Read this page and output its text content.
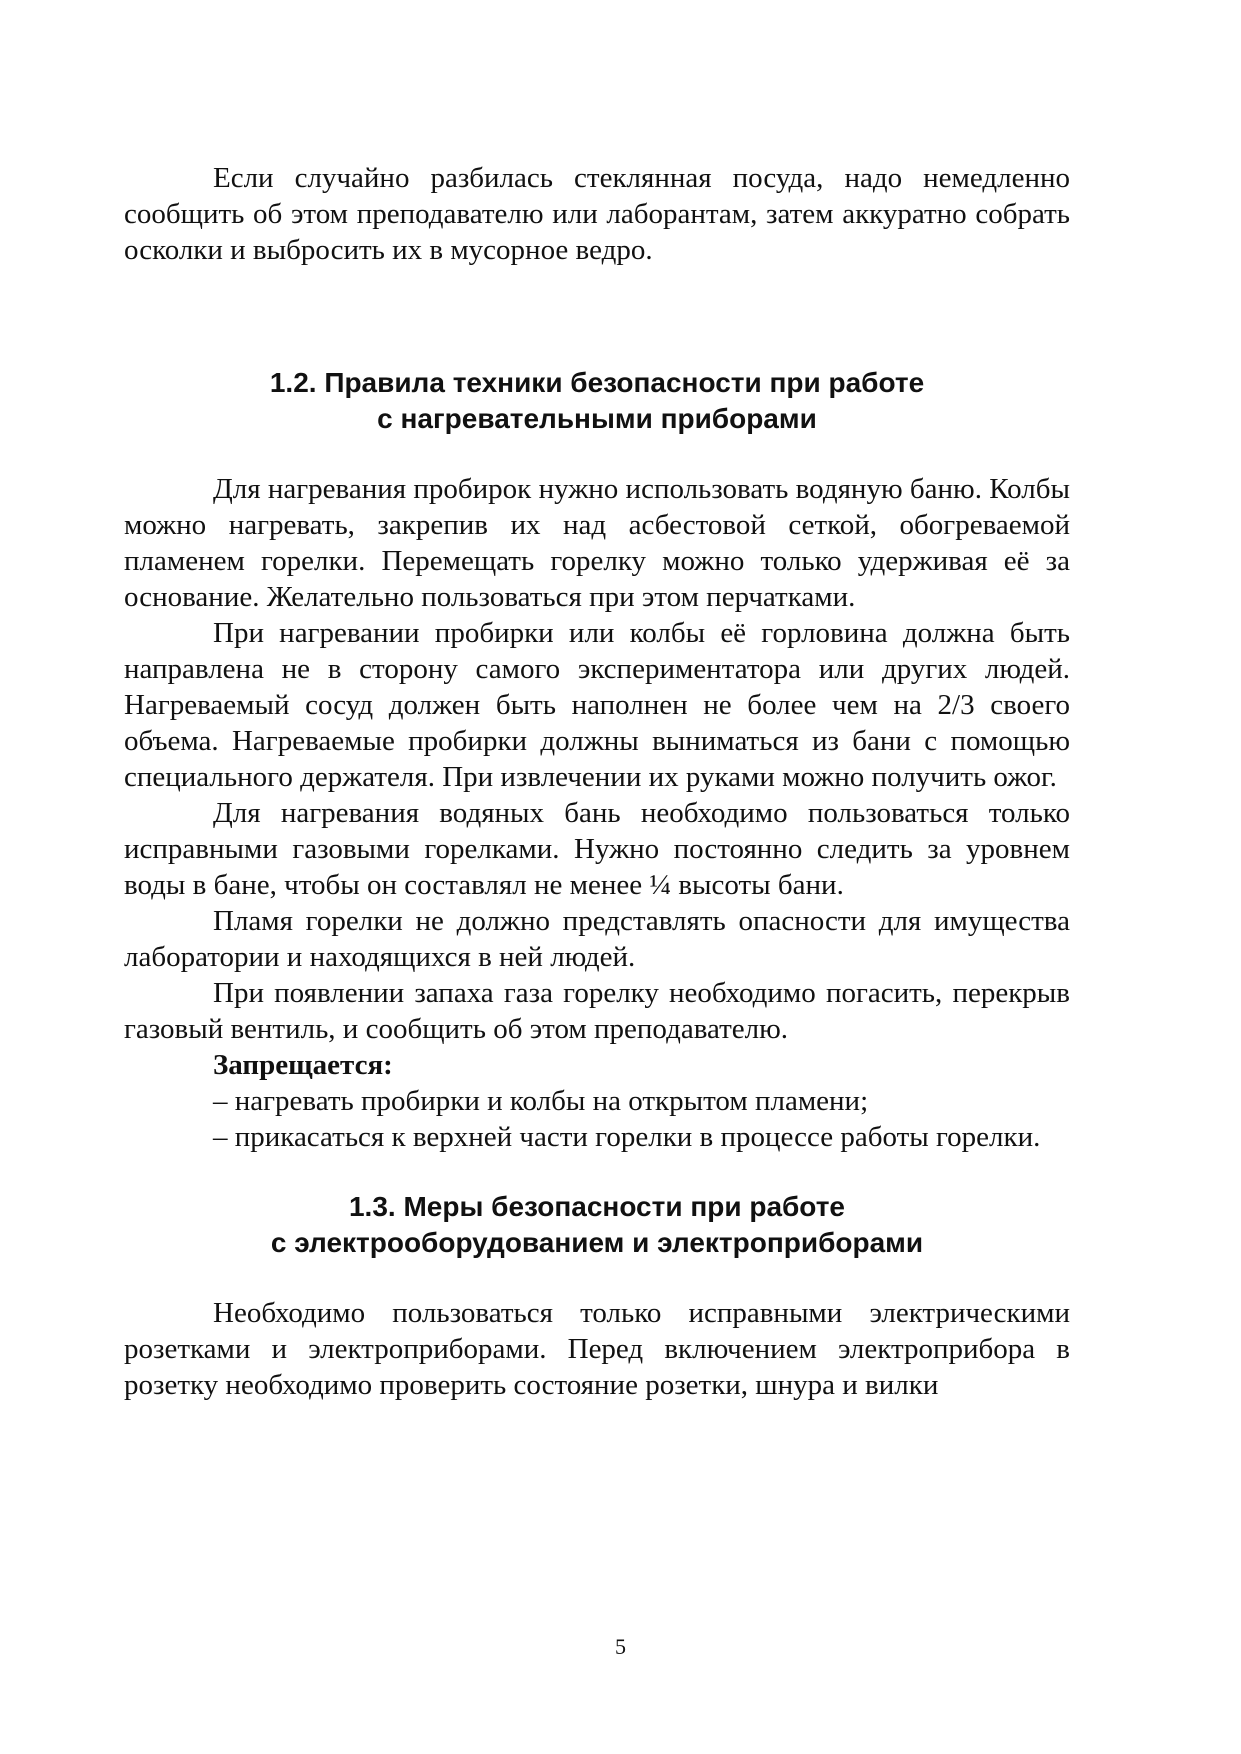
Если случайно разбилась стеклянная посуда, надо немедленно сообщить об этом преподавателю или лаборантам, затем аккуратно собрать осколки и выбросить их в мусорное ведро.

1.2. Правила техники безопасности при работе
с нагревательными приборами

Для нагревания пробирок нужно использовать водяную баню. Колбы можно нагревать, закрепив их над асбестовой сеткой, обогреваемой пламенем горелки. Перемещать горелку можно только удерживая её за основание. Желательно пользоваться при этом перчатками.

При нагревании пробирки или колбы её горловина должна быть направлена не в сторону самого экспериментатора или других людей. Нагреваемый сосуд должен быть наполнен не более чем на 2/3 своего объема. Нагреваемые пробирки должны выниматься из бани с помощью специального держателя. При извлечении их руками можно получить ожог.

Для нагревания водяных бань необходимо пользоваться только исправными газовыми горелками. Нужно постоянно следить за уровнем воды в бане, чтобы он составлял не менее ¼ высоты бани.

Пламя горелки не должно представлять опасности для имущества лаборатории и находящихся в ней людей.

При появлении запаха газа горелку необходимо погасить, перекрыв газовый вентиль, и сообщить об этом преподавателю.

Запрещается:

– нагревать пробирки и колбы на открытом пламени;

– прикасаться к верхней части горелки в процессе работы горелки.

1.3. Меры безопасности при работе
с электрооборудованием и электроприборами

Необходимо пользоваться только исправными электрическими розетками и электроприборами. Перед включением электроприбора в розетку необходимо проверить состояние розетки, шнура и вилки

5
